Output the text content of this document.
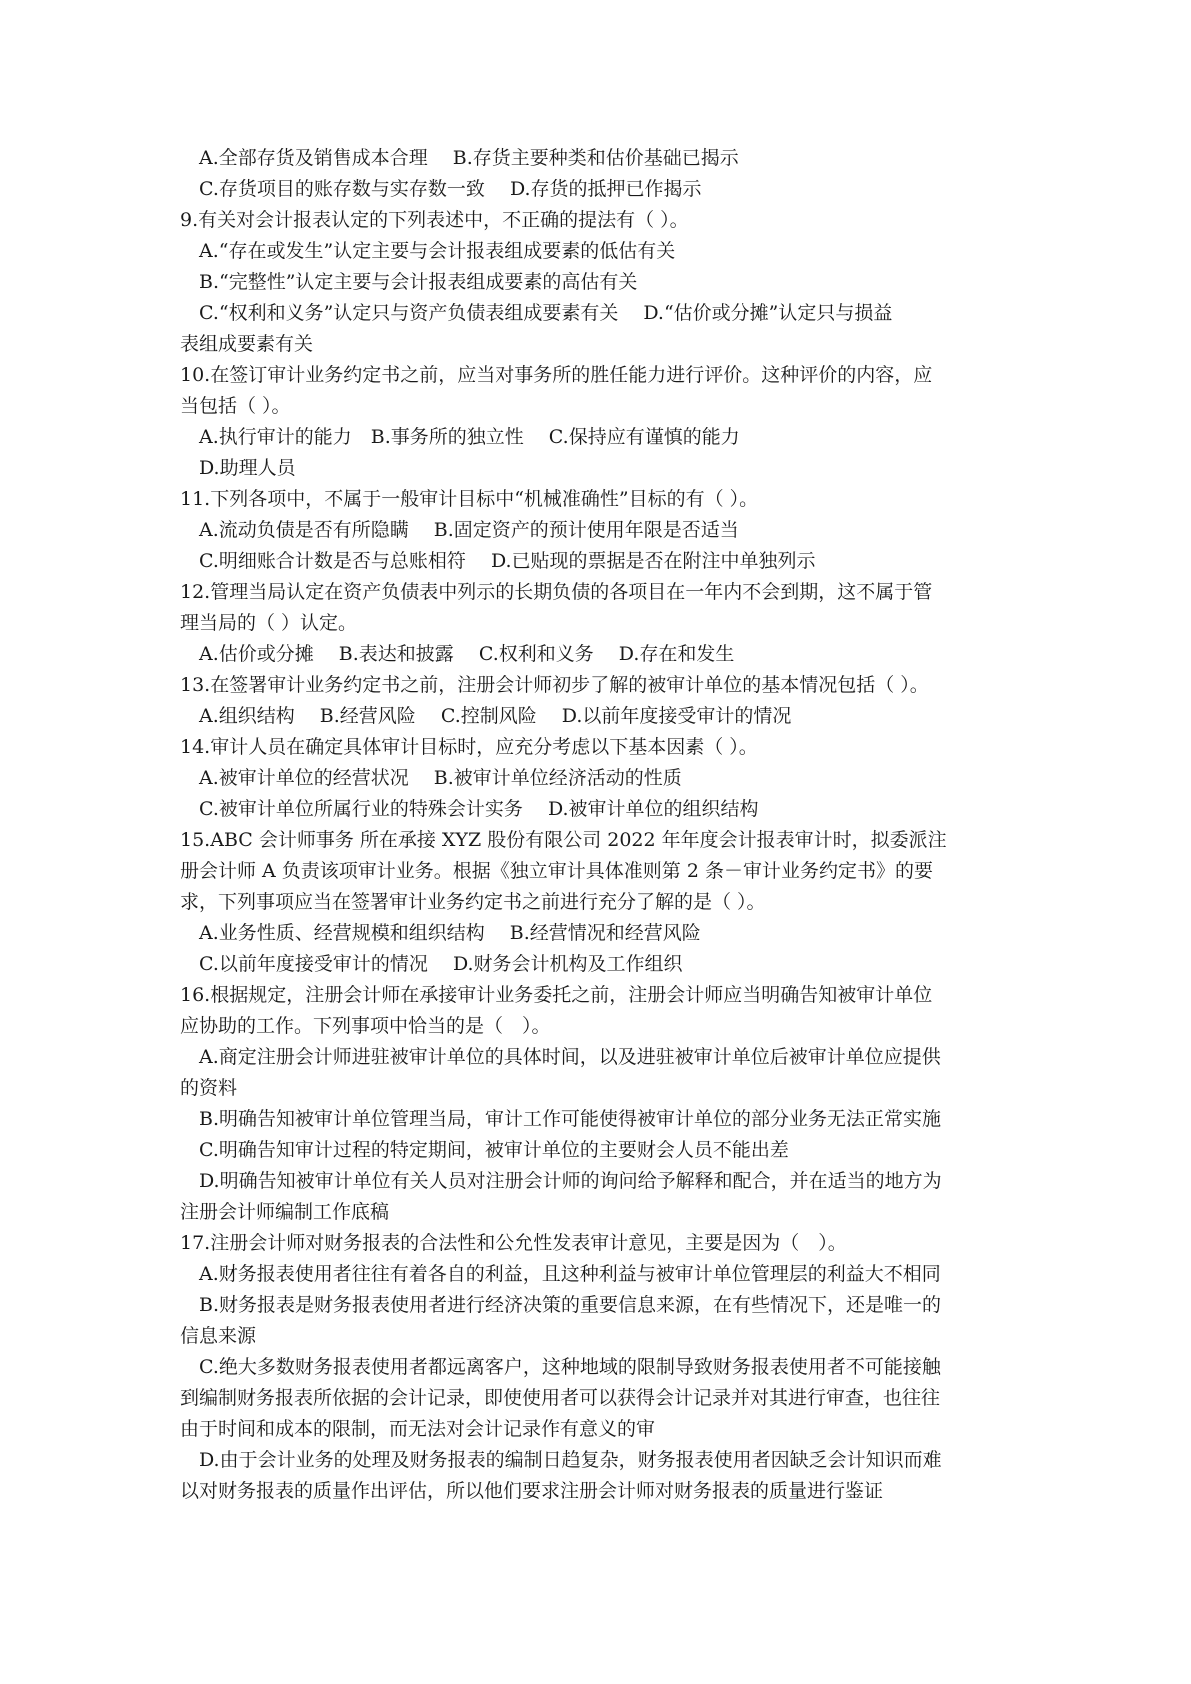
A.全部存货及销售成本合理　 B.存货主要种类和估价基础已揭示

C.存货项目的账存数与实存数一致　 D.存货的抵押已作揭示

9.有关对会计报表认定的下列表述中，不正确的提法有（ ）。

A.“存在或发生”认定主要与会计报表组成要素的低估有关

B.“完整性”认定主要与会计报表组成要素的高估有关

C.“权利和义务”认定只与资产负债表组成要素有关　 D.“估价或分摊”认定只与损益

表组成要素有关

10.在签订审计业务约定书之前，应当对事务所的胜任能力进行评价。这种评价的内容，应

当包括（ ）。

A.执行审计的能力　B.事务所的独立性　 C.保持应有谨慎的能力

D.助理人员

11.下列各项中，不属于一般审计目标中“机械准确性”目标的有（ ）。

A.流动负债是否有所隐瞒　 B.固定资产的预计使用年限是否适当

C.明细账合计数是否与总账相符　 D.已贴现的票据是否在附注中单独列示

12.管理当局认定在资产负债表中列示的长期负债的各项目在一年内不会到期，这不属于管

理当局的（ ）认定。

A.估价或分摊　 B.表达和披露　 C.权利和义务　 D.存在和发生

13.在签署审计业务约定书之前，注册会计师初步了解的被审计单位的基本情况包括（ ）。

A.组织结构　 B.经营风险　 C.控制风险　 D.以前年度接受审计的情况

14.审计人员在确定具体审计目标时，应充分考虑以下基本因素（ ）。

A.被审计单位的经营状况　 B.被审计单位经济活动的性质

C.被审计单位所属行业的特殊会计实务　 D.被审计单位的组织结构

15.ABC 会计师事务 所在承接 XYZ 股份有限公司 2022 年年度会计报表审计时，拟委派注

册会计师 A 负责该项审计业务。根据《独立审计具体准则第 2 条－审计业务约定书》的要

求，下列事项应当在签署审计业务约定书之前进行充分了解的是（ ）。

A.业务性质、经营规模和组织结构　 B.经营情况和经营风险

C.以前年度接受审计的情况　 D.财务会计机构及工作组织

16.根据规定，注册会计师在承接审计业务委托之前，注册会计师应当明确告知被审计单位

应协助的工作。下列事项中恰当的是（　）。

A.商定注册会计师进驻被审计单位的具体时间，以及进驻被审计单位后被审计单位应提供

的资料

B.明确告知被审计单位管理当局，审计工作可能使得被审计单位的部分业务无法正常实施

C.明确告知审计过程的特定期间，被审计单位的主要财会人员不能出差

D.明确告知被审计单位有关人员对注册会计师的询问给予解释和配合，并在适当的地方为

注册会计师编制工作底稿

17.注册会计师对财务报表的合法性和公允性发表审计意见，主要是因为（　）。

A.财务报表使用者往往有着各自的利益，且这种利益与被审计单位管理层的利益大不相同

B.财务报表是财务报表使用者进行经济决策的重要信息来源，在有些情况下，还是唯一的

信息来源

C.绝大多数财务报表使用者都远离客户，这种地域的限制导致财务报表使用者不可能接触

到编制财务报表所依据的会计记录，即使使用者可以获得会计记录并对其进行审查，也往往

由于时间和成本的限制，而无法对会计记录作有意义的审

D.由于会计业务的处理及财务报表的编制日趋复杂，财务报表使用者因缺乏会计知识而难

以对财务报表的质量作出评估，所以他们要求注册会计师对财务报表的质量进行鉴证
